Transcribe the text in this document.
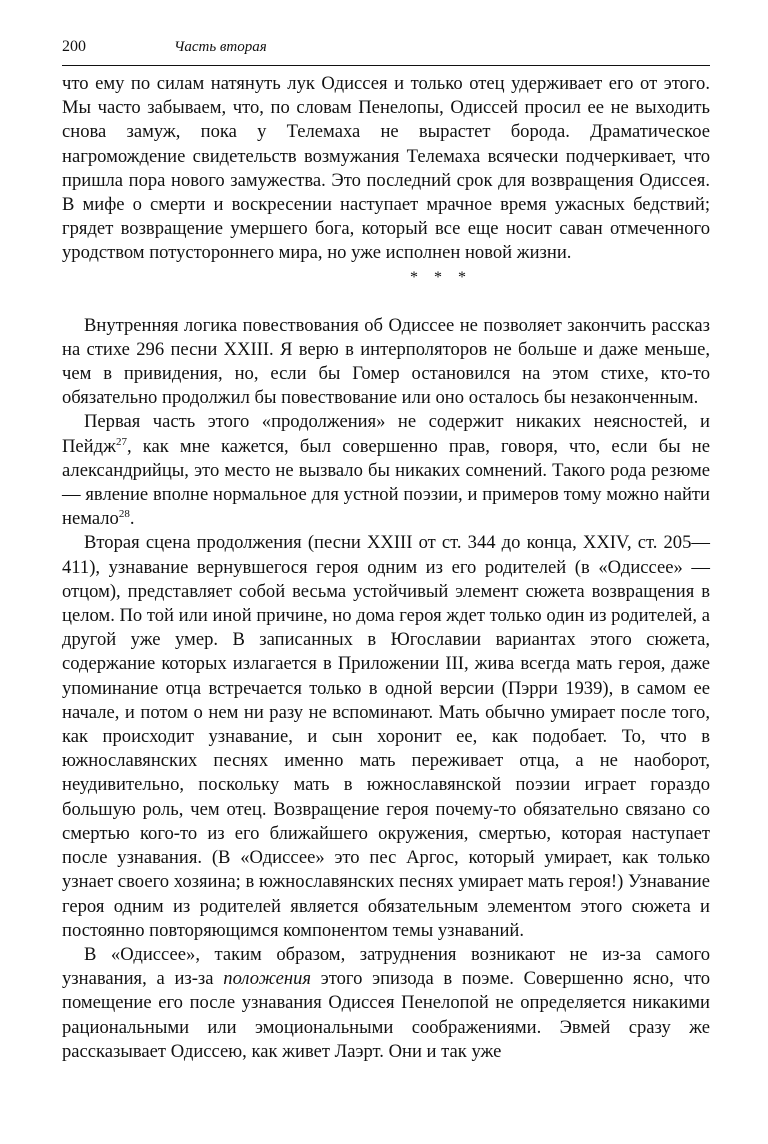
200	Часть вторая

что ему по силам натянуть лук Одиссея и только отец удерживает его от этого. Мы часто забываем, что, по словам Пенелопы, Одиссей просил ее не выходить снова замуж, пока у Телемаха не вырастет борода. Драматическое нагромождение свидетельств возмужания Телемаха всячески подчеркивает, что пришла пора нового замужества. Это последний срок для возвращения Одиссея. В мифе о смерти и воскресении наступает мрачное время ужасных бедствий; грядет возвращение умершего бога, который все еще носит саван отмеченного уродством потустороннего мира, но уже исполнен новой жизни.

* * *

Внутренняя логика повествования об Одиссее не позволяет закончить рассказ на стихе 296 песни XXIII. Я верю в интерполяторов не больше и даже меньше, чем в привидения, но, если бы Гомер остановился на этом стихе, кто-то обязательно продолжил бы повествование или оно осталось бы незаконченным.

Первая часть этого «продолжения» не содержит никаких неясностей, и Пейдж$^{27}$, как мне кажется, был совершенно прав, говоря, что, если бы не александрийцы, это место не вызвало бы никаких сомнений. Такого рода резюме — явление вполне нормальное для устной поэзии, и примеров тому можно найти немало$^{28}$.

Вторая сцена продолжения (песни XXIII от ст. 344 до конца, XXIV, ст. 205—411), узнавание вернувшегося героя одним из его родителей (в «Одиссее» — отцом), представляет собой весьма устойчивый элемент сюжета возвращения в целом. По той или иной причине, но дома героя ждет только один из родителей, а другой уже умер. В записанных в Югославии вариантах этого сюжета, содержание которых излагается в Приложении III, жива всегда мать героя, даже упоминание отца встречается только в одной версии (Пэрри 1939), в самом ее начале, и потом о нем ни разу не вспоминают. Мать обычно умирает после того, как происходит узнавание, и сын хоронит ее, как подобает. То, что в южнославянских песнях именно мать переживает отца, а не наоборот, неудивительно, поскольку мать в южнославянской поэзии играет гораздо большую роль, чем отец. Возвращение героя почему-то обязательно связано со смертью кого-то из его ближайшего окружения, смертью, которая наступает после узнавания. (В «Одиссее» это пес Аргос, который умирает, как только узнает своего хозяина; в южнославянских песнях умирает мать героя!) Узнавание героя одним из родителей является обязательным элементом этого сюжета и постоянно повторяющимся компонентом темы узнаваний.

В «Одиссее», таким образом, затруднения возникают не из-за самого узнавания, а из-за положения этого эпизода в поэме. Совершенно ясно, что помещение его после узнавания Одиссея Пенелопой не определяется никакими рациональными или эмоциональными соображениями. Эвмей сразу же рассказывает Одиссею, как живет Лаэрт. Они и так уже
